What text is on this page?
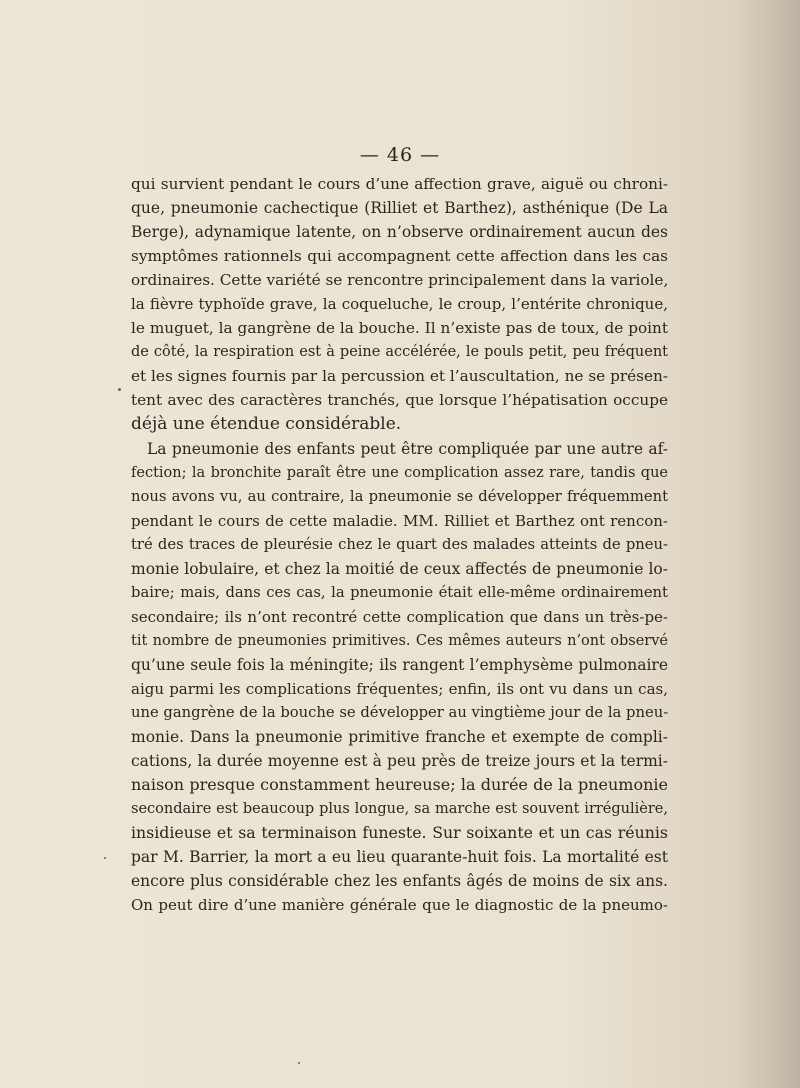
— 46 —
qui survient pendant le cours d’une affection grave, aiguë ou chroni-
que, pneumonie cachectique (Rilliet et Barthez), asthénique (De La
Berge), adynamique latente, on n’observe ordinairement aucun des
symptômes rationnels qui accompagnent cette affection dans les cas
ordinaires. Cette variété se rencontre principalement dans la variole,
la fièvre typhoïde grave, la coqueluche, le croup, l’entérite chronique,
le muguet, la gangrène de la bouche. Il n’existe pas de toux, de point
de côté, la respiration est à peine accélérée, le pouls petit, peu fréquent
et les signes fournis par la percussion et l’auscultation, ne se présen-
tent avec des caractères tranchés, que lorsque l’hépatisation occupe
déjà une étendue considérable.
La pneumonie des enfants peut être compliquée par une autre af-
fection; la bronchite paraît être une complication assez rare, tandis que
nous avons vu, au contraire, la pneumonie se développer fréquemment
pendant le cours de cette maladie. MM. Rilliet et Barthez ont rencon-
tré des traces de pleurésie chez le quart des malades atteints de pneu-
monie lobulaire, et chez la moitié de ceux affectés de pneumonie lo-
baire; mais, dans ces cas, la pneumonie était elle-même ordinairement
secondaire; ils n’ont recontré cette complication que dans un très-pe-
tit nombre de pneumonies primitives. Ces mêmes auteurs n’ont observé
qu’une seule fois la méningite; ils rangent l’emphysème pulmonaire
aigu parmi les complications fréquentes; enfin, ils ont vu dans un cas,
une gangrène de la bouche se développer au vingtième jour de la pneu-
monie. Dans la pneumonie primitive franche et exempte de compli-
cations, la durée moyenne est à peu près de treize jours et la termi-
naison presque constamment heureuse; la durée de la pneumonie
secondaire est beaucoup plus longue, sa marche est souvent irrégulière,
insidieuse et sa terminaison funeste. Sur soixante et un cas réunis
par M. Barrier, la mort a eu lieu quarante-huit fois. La mortalité est
encore plus considérable chez les enfants âgés de moins de six ans.
On peut dire d’une manière générale que le diagnostic de la pneumo-
